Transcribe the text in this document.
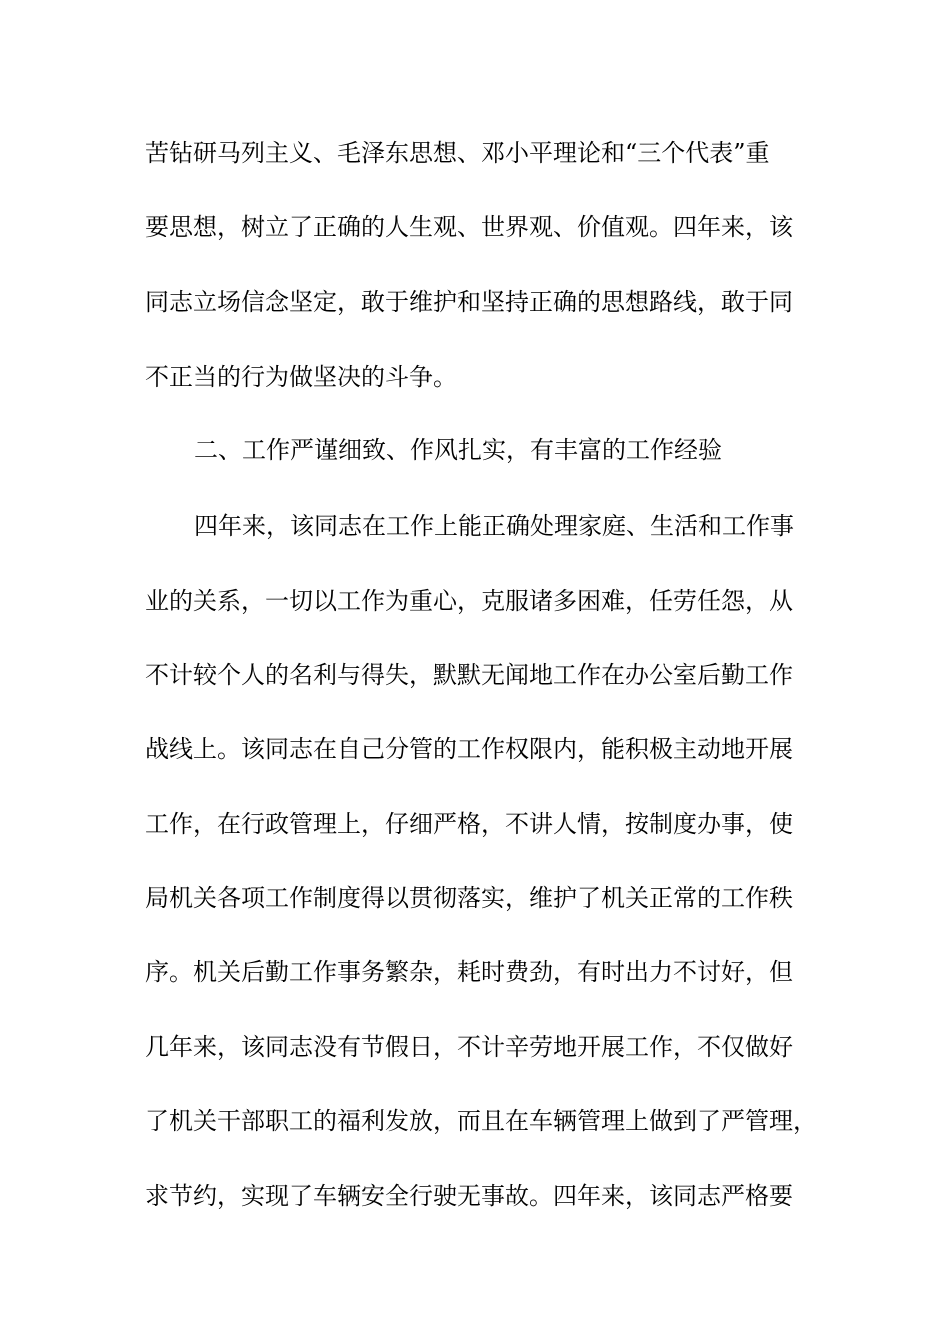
苦钻研马列主义、毛泽东思想、邓小平理论和“三个代表”重

要思想，树立了正确的人生观、世界观、价值观。四年来，该

同志立场信念坚定，敢于维护和坚持正确的思想路线，敢于同

不正当的行为做坚决的斗争。

二、工作严谨细致、作风扎实，有丰富的工作经验

四年来，该同志在工作上能正确处理家庭、生活和工作事

业的关系，一切以工作为重心，克服诸多困难，任劳任怨，从

不计较个人的名利与得失，默默无闻地工作在办公室后勤工作

战线上。该同志在自己分管的工作权限内，能积极主动地开展

工作，在行政管理上，仔细严格，不讲人情，按制度办事，使

局机关各项工作制度得以贯彻落实，维护了机关正常的工作秩

序。机关后勤工作事务繁杂，耗时费劲，有时出力不讨好，但

几年来，该同志没有节假日，不计辛劳地开展工作，不仅做好

了机关干部职工的福利发放，而且在车辆管理上做到了严管理，

求节约，实现了车辆安全行驶无事故。四年来，该同志严格要
